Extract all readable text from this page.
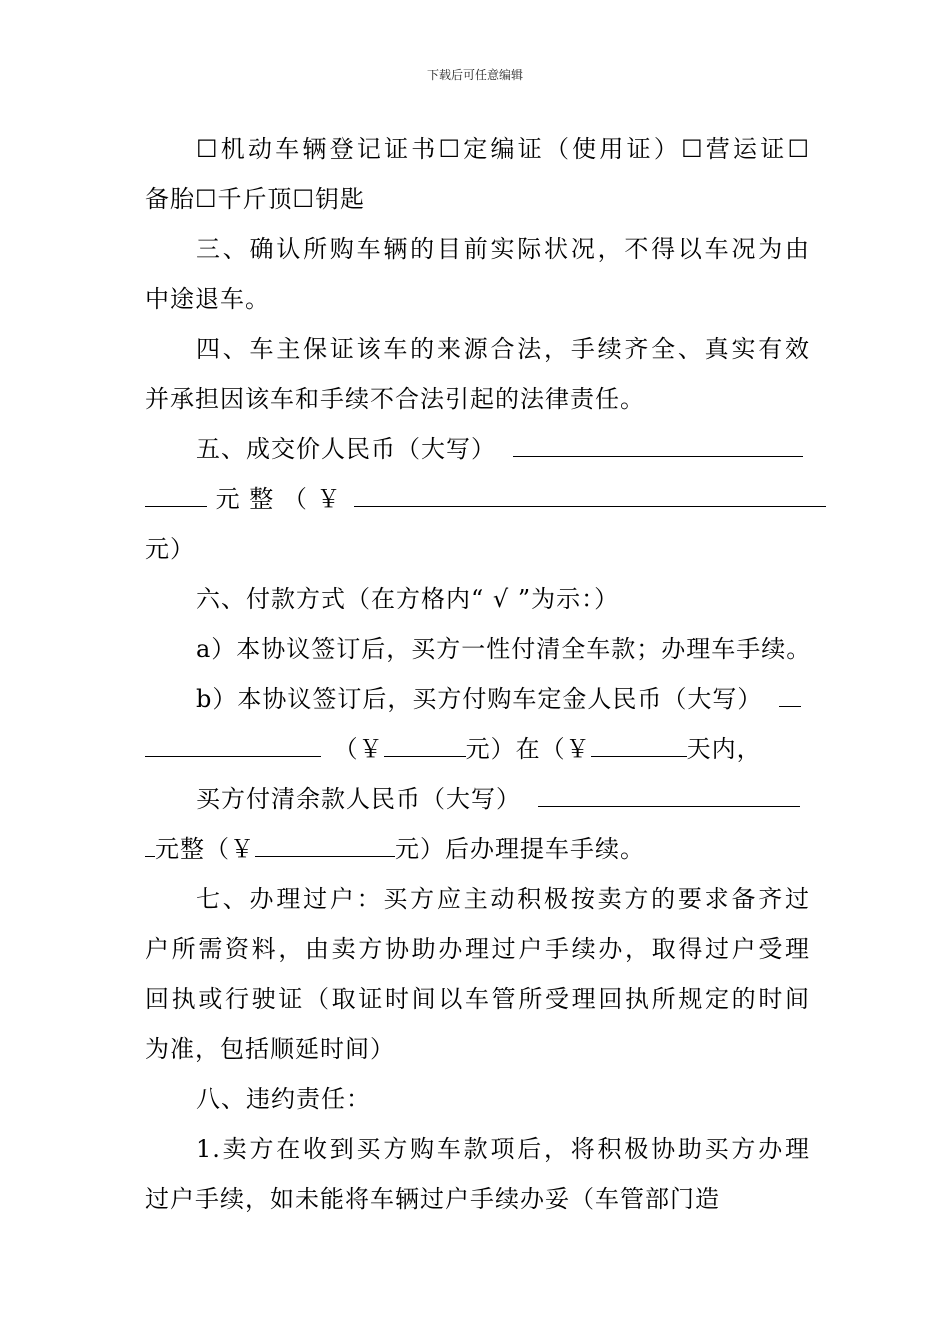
下载后可任意编辑
☐机动车辆登记证书☐定编证（使用证）☐营运证☐
备胎☐千斤顶☐钥匙
三、确认所购车辆的目前实际状况，不得以车况为由
中途退车。
四、车主保证该车的来源合法，手续齐全、真实有效
并承担因该车和手续不合法引起的法律责任。
五、成交价人民币（大写）
元 整 （ ￥
元）
六、付款方式（在方格内“ √ ”为示：）
a）本协议签订后，买方一性付清全车款；办理车手续。
b）本协议签订后，买方付购车定金人民币（大写）
（￥	元）在（￥	天内，
买方付清余款人民币（大写）
元整（￥	元）后办理提车手续。
七、办理过户：买方应主动积极按卖方的要求备齐过
户所需资料，由卖方协助办理过户手续办，取得过户受理
回执或行驶证（取证时间以车管所受理回执所规定的时间
为准，包括顺延时间）
八、违约责任：
1.卖方在收到买方购车款项后，将积极协助买方办理
过户手续，如未能将车辆过户手续办妥（车管部门造
